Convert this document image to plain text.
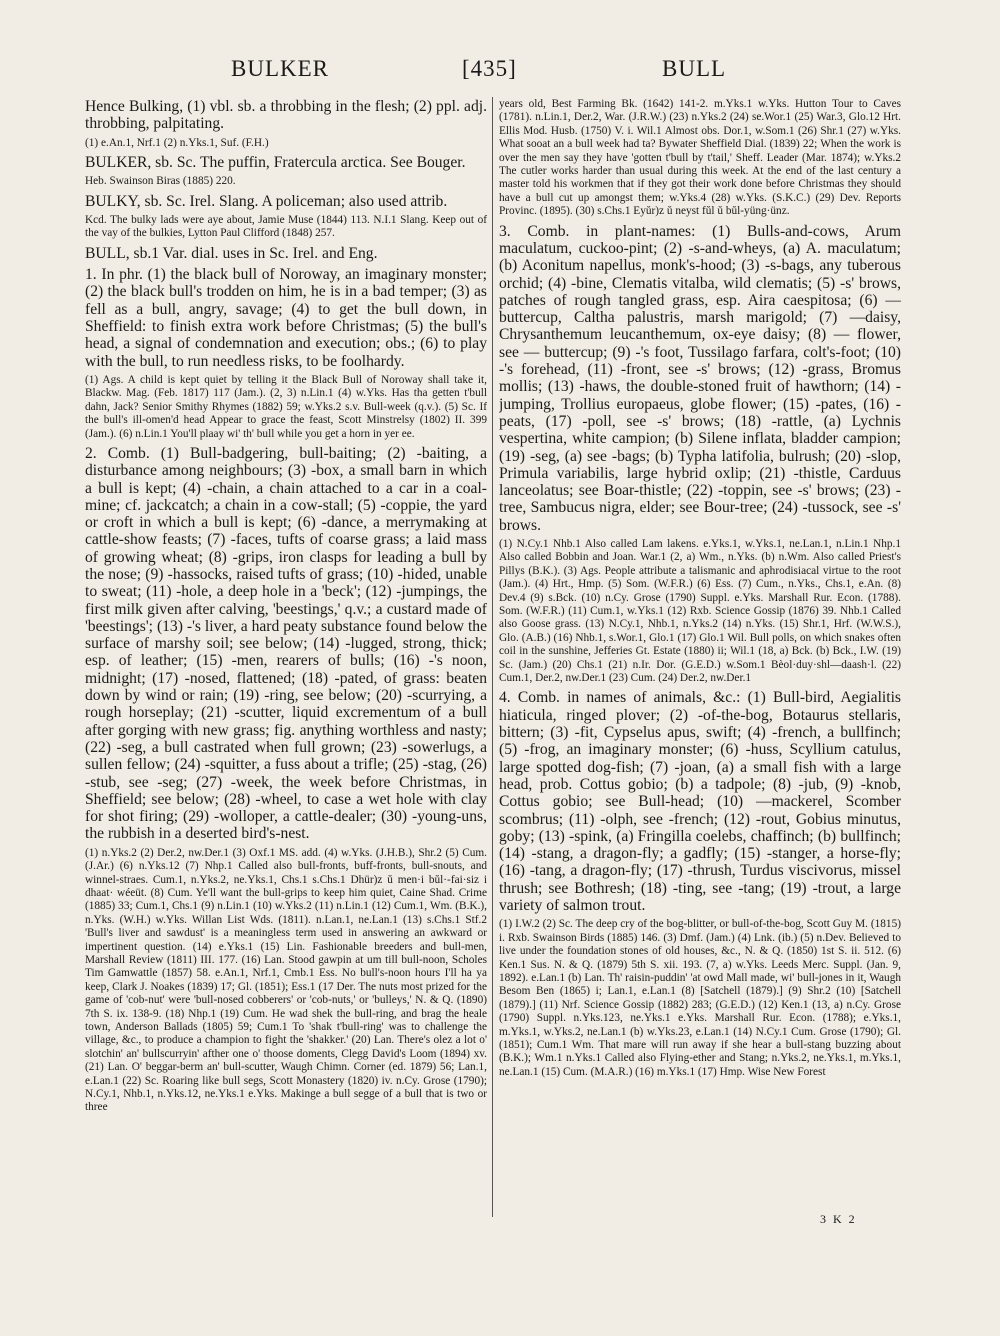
BULKER	[435]	BULL

Hence Bulking, (1) vbl. sb. a throbbing in the flesh; (2) ppl. adj. throbbing, palpitating.

(1) e.An.1, Nrf.1 (2) n.Yks.1, Suf. (F.H.)

BULKER, sb. Sc. The puffin, Fratercula arctica. See Bouger.

Heb. Swainson Biras (1885) 220.

BULKY, sb. Sc. Irel. Slang. A policeman; also used attrib.

Kcd. The bulky lads were aye about, Jamie Muse (1844) 113. N.I.1 Slang. Keep out of the vay of the bulkies, Lytton Paul Clifford (1848) 257.

BULL, sb.1 Var. dial. uses in Sc. Irel. and Eng.

1. In phr. (1) the black bull of Noroway, an imaginary monster; (2) the black bull's trodden on him, he is in a bad temper; (3) as fell as a bull, angry, savage; (4) to get the bull down, in Sheffield: to finish extra work before Christmas; (5) the bull's head, a signal of condemnation and execution; obs.; (6) to play with the bull, to run needless risks, to be foolhardy.

(1) Ags. A child is kept quiet by telling it the Black Bull of Noroway shall take it, Blackw. Mag. (Feb. 1817) 117 (Jam.). (2, 3) n.Lin.1 (4) w.Yks. Has tha getten t'bull dahn, Jack? Senior Smithy Rhymes (1882) 59; w.Yks.2 s.v. Bull-week (q.v.). (5) Sc. If the bull's ill-omen'd head Appear to grace the feast, Scott Minstrelsy (1802) II. 399 (Jam.). (6) n.Lin.1 You'll plaay wi' th' bull while you get a horn in yer ee.

2. Comb. (1) Bull-badgering, bull-baiting; (2) -baiting, a disturbance among neighbours; (3) -box, a small barn in which a bull is kept; (4) -chain, a chain attached to a car in a coal-mine; cf. jackcatch; a chain in a cow-stall; (5) -coppie, the yard or croft in which a bull is kept; (6) -dance, a merrymaking at cattle-show feasts; (7) -faces, tufts of coarse grass; a laid mass of growing wheat; (8) -grips, iron clasps for leading a bull by the nose; (9) -hassocks, raised tufts of grass; (10) -hided, unable to sweat; (11) -hole, a deep hole in a 'beck'; (12) -jumpings, the first milk given after calving, 'beestings,' q.v.; a custard made of 'beestings'; (13) -'s liver, a hard peaty substance found below the surface of marshy soil; see below; (14) -lugged, strong, thick; esp. of leather; (15) -men, rearers of bulls; (16) -'s noon, midnight; (17) -nosed, flattened; (18) -pated, of grass: beaten down by wind or rain; (19) -ring, see below; (20) -scurrying, a rough horseplay; (21) -scutter, liquid excrementum of a bull after gorging with new grass; fig. anything worthless and nasty; (22) -seg, a bull castrated when full grown; (23) -sowerlugs, a sullen fellow; (24) -squitter, a fuss about a trifle; (25) -stag, (26) -stub, see -seg; (27) -week, the week before Christmas, in Sheffield; see below; (28) -wheel, to case a wet hole with clay for shot firing; (29) -wolloper, a cattle-dealer; (30) -young-uns, the rubbish in a deserted bird's-nest.

(1) n.Yks.2 (2) Der.2, nw.Der.1 (3) Oxf.1 MS. add. (4) w.Yks. (J.H.B.), Shr.2 (5) Cum. (J.Ar.) (6) n.Yks.12 (7) Nhp.1 Called also bull-fronts, buff-fronts, bull-snouts, and winnel-straes. Cum.1, n.Yks.2, ne.Yks.1, Chs.1 s.Chs.1 Dhür)z ŭ men·i bŭl·-fai·siz i dhaat· wéeüt. (8) Cum. Ye'll want the bull-grips to keep him quiet, Caine Shad. Crime (1885) 33; Cum.1, Chs.1 (9) n.Lin.1 (10) w.Yks.2 (11) n.Lin.1 (12) Cum.1, Wm. (B.K.), n.Yks. (W.H.) w.Yks. Willan List Wds. (1811). n.Lan.1, ne.Lan.1 (13) s.Chs.1 Stf.2 'Bull's liver and sawdust' is a meaningless term used in answering an awkward or impertinent question. (14) e.Yks.1 (15) Lin. Fashionable breeders and bull-men, Marshall Review (1811) III. 177. (16) Lan. Stood gawpin at um till bull-noon, Scholes Tim Gamwattle (1857) 58. e.An.1, Nrf.1, Cmb.1 Ess. No bull's-noon hours I'll ha ya keep, Clark J. Noakes (1839) 17; Gl. (1851); Ess.1 (17 Der. The nuts most prized for the game of 'cob-nut' were 'bull-nosed cobberers' or 'cob-nuts,' or 'bulleys,' N. & Q. (1890) 7th S. ix. 138-9. (18) Nhp.1 (19) Cum. He wad shek the bull-ring, and brag the heale town, Anderson Ballads (1805) 59; Cum.1 To 'shak t'bull-ring' was to challenge the village, &c., to produce a champion to fight the 'shakker.' (20) Lan. There's olez a lot o' slotchin' an' bullscurryin' afther one o' thoose doments, Clegg David's Loom (1894) xv. (21) Lan. O' beggar-berm an' bull-scutter, Waugh Chimn. Corner (ed. 1879) 56; Lan.1, e.Lan.1 (22) Sc. Roaring like bull segs, Scott Monastery (1820) iv. n.Cy. Grose (1790); N.Cy.1, Nhb.1, n.Yks.12, ne.Yks.1 e.Yks. Makinge a bull segge of a bull that is two or three

years old, Best Farming Bk. (1642) 141-2. m.Yks.1 w.Yks. Hutton Tour to Caves (1781). n.Lin.1, Der.2, War. (J.R.W.) (23) n.Yks.2 (24) se.Wor.1 (25) War.3, Glo.12 Hrt. Ellis Mod. Husb. (1750) V. i. Wil.1 Almost obs. Dor.1, w.Som.1 (26) Shr.1 (27) w.Yks. What sooat an a bull week had ta? Bywater Sheffield Dial. (1839) 22; When the work is over the men say they have 'gotten t'bull by t'tail,' Sheff. Leader (Mar. 1874); w.Yks.2 The cutler works harder than usual during this week. At the end of the last century a master told his workmen that if they got their work done before Christmas they should have a bull cut up amongst them; w.Yks.4 (28) w.Yks. (S.K.C.) (29) Dev. Reports Provinc. (1895). (30) s.Chs.1 Eyŭr)z ŭ neyst fŭl ŭ bŭl-yüng·ünz.

3. Comb. in plant-names: (1) Bulls-and-cows, Arum maculatum, cuckoo-pint; (2) -s-and-wheys, (a) A. maculatum; (b) Aconitum napellus, monk's-hood; (3) -s-bags, any tuberous orchid; (4) -bine, Clematis vitalba, wild clematis; (5) -s' brows, patches of rough tangled grass, esp. Aira caespitosa; (6) —buttercup, Caltha palustris, marsh marigold; (7) —daisy, Chrysanthemum leucanthemum, ox-eye daisy; (8) — flower, see — buttercup; (9) -'s foot, Tussilago farfara, colt's-foot; (10) -'s forehead, (11) -front, see -s' brows; (12) -grass, Bromus mollis; (13) -haws, the double-stoned fruit of hawthorn; (14) -jumping, Trollius europaeus, globe flower; (15) -pates, (16) -peats, (17) -poll, see -s' brows; (18) -rattle, (a) Lychnis vespertina, white campion; (b) Silene inflata, bladder campion; (19) -seg, (a) see -bags; (b) Typha latifolia, bulrush; (20) -slop, Primula variabilis, large hybrid oxlip; (21) -thistle, Carduus lanceolatus; see Boar-thistle; (22) -toppin, see -s' brows; (23) -tree, Sambucus nigra, elder; see Bour-tree; (24) -tussock, see -s' brows.

(1) N.Cy.1 Nhb.1 Also called Lam lakens. e.Yks.1, w.Yks.1, ne.Lan.1, n.Lin.1 Nhp.1 Also called Bobbin and Joan. War.1 (2, a) Wm., n.Yks. (b) n.Wm. Also called Priest's Pillys (B.K.). (3) Ags. People attribute a talismanic and aphrodisiacal virtue to the root (Jam.). (4) Hrt., Hmp. (5) Som. (W.F.R.) (6) Ess. (7) Cum., n.Yks., Chs.1, e.An. (8) Dev.4 (9) s.Bck. (10) n.Cy. Grose (1790) Suppl. e.Yks. Marshall Rur. Econ. (1788). Som. (W.F.R.) (11) Cum.1, w.Yks.1 (12) Rxb. Science Gossip (1876) 39. Nhb.1 Called also Goose grass. (13) N.Cy.1, Nhb.1, n.Yks.2 (14) n.Yks. (15) Shr.1, Hrf. (W.W.S.), Glo. (A.B.) (16) Nhb.1, s.Wor.1, Glo.1 (17) Glo.1 Wil. Bull polls, on which snakes often coil in the sunshine, Jefferies Gt. Estate (1880) ii; Wil.1 (18, a) Bck. (b) Bck., I.W. (19) Sc. (Jam.) (20) Chs.1 (21) n.Ir. Dor. (G.E.D.) w.Som.1 Bèol·duy·shl—daash·l. (22) Cum.1, Der.2, nw.Der.1 (23) Cum. (24) Der.2, nw.Der.1

4. Comb. in names of animals, &c.: (1) Bull-bird, Aegialitis hiaticula, ringed plover; (2) -of-the-bog, Botaurus stellaris, bittern; (3) -fit, Cypselus apus, swift; (4) -french, a bullfinch; (5) -frog, an imaginary monster; (6) -huss, Scyllium catulus, large spotted dog-fish; (7) -joan, (a) a small fish with a large head, prob. Cottus gobio; (b) a tadpole; (8) -jub, (9) -knob, Cottus gobio; see Bull-head; (10) —mackerel, Scomber scombrus; (11) -olph, see -french; (12) -rout, Gobius minutus, goby; (13) -spink, (a) Fringilla coelebs, chaffinch; (b) bullfinch; (14) -stang, a dragon-fly; a gadfly; (15) -stanger, a horse-fly; (16) -tang, a dragon-fly; (17) -thrush, Turdus viscivorus, missel thrush; see Bothresh; (18) -ting, see -tang; (19) -trout, a large variety of salmon trout.

(1) I.W.2 (2) Sc. The deep cry of the bog-blitter, or bull-of-the-bog, Scott Guy M. (1815) i. Rxb. Swainson Birds (1885) 146. (3) Dmf. (Jam.) (4) Lnk. (ib.) (5) n.Dev. Believed to live under the foundation stones of old houses, &c., N. & Q. (1850) 1st S. ii. 512. (6) Ken.1 Sus. N. & Q. (1879) 5th S. xii. 193. (7, a) w.Yks. Leeds Merc. Suppl. (Jan. 9, 1892). e.Lan.1 (b) Lan. Th' raisin-puddin' 'at owd Mall made, wi' bull-jones in it, Waugh Besom Ben (1865) i; Lan.1, e.Lan.1 (8) [Satchell (1879).] (9) Shr.2 (10) [Satchell (1879).] (11) Nrf. Science Gossip (1882) 283; (G.E.D.) (12) Ken.1 (13, a) n.Cy. Grose (1790) Suppl. n.Yks.123, ne.Yks.1 e.Yks. Marshall Rur. Econ. (1788); e.Yks.1, m.Yks.1, w.Yks.2, ne.Lan.1 (b) w.Yks.23, e.Lan.1 (14) N.Cy.1 Cum. Grose (1790); Gl. (1851); Cum.1 Wm. That mare will run away if she hear a bull-stang buzzing about (B.K.); Wm.1 n.Yks.1 Called also Flying-ether and Stang; n.Yks.2, ne.Yks.1, m.Yks.1, ne.Lan.1 (15) Cum. (M.A.R.) (16) m.Yks.1 (17) Hmp. Wise New Forest

3 K 2
